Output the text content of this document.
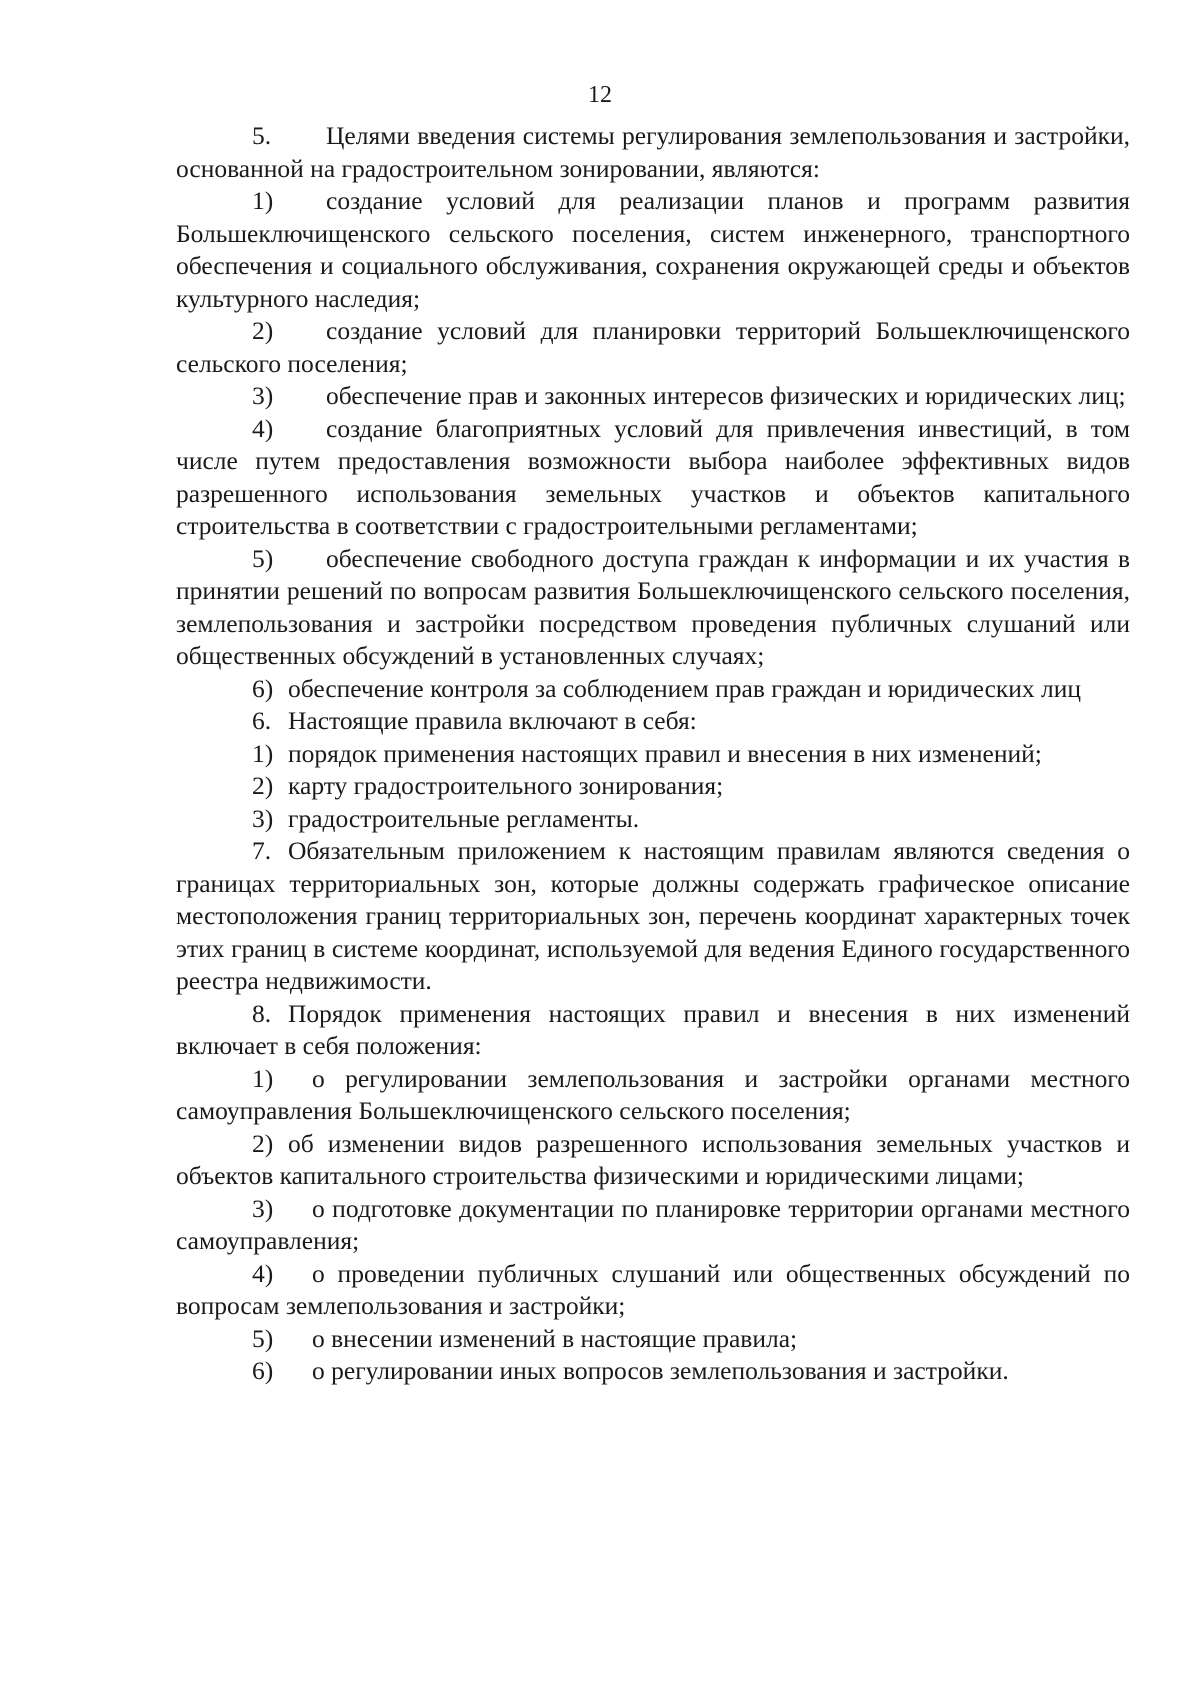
12

5. Целями введения системы регулирования землепользования и застройки, основанной на градостроительном зонировании, являются:

1) создание условий для реализации планов и программ развития Большеключищенского сельского поселения, систем инженерного, транспортного обеспечения и социального обслуживания, сохранения окружающей среды и объектов культурного наследия;

2) создание условий для планировки территорий Большеключищенского сельского поселения;

3) обеспечение прав и законных интересов физических и юридических лиц;

4) создание благоприятных условий для привлечения инвестиций, в том числе путем предоставления возможности выбора наиболее эффективных видов разрешенного использования земельных участков и объектов капитального строительства в соответствии с градостроительными регламентами;

5) обеспечение свободного доступа граждан к информации и их участия в принятии решений по вопросам развития Большеключищенского сельского поселения, землепользования и застройки посредством проведения публичных слушаний или общественных обсуждений в установленных случаях;

6) обеспечение контроля за соблюдением прав граждан и юридических лиц

6. Настоящие правила включают в себя:

1) порядок применения настоящих правил и внесения в них изменений;

2) карту градостроительного зонирования;

3) градостроительные регламенты.

7. Обязательным приложением к настоящим правилам являются сведения о границах территориальных зон, которые должны содержать графическое описание местоположения границ территориальных зон, перечень координат характерных точек этих границ в системе координат, используемой для ведения Единого государственного реестра недвижимости.

8. Порядок применения настоящих правил и внесения в них изменений включает в себя положения:

1) о регулировании землепользования и застройки органами местного самоуправления Большеключищенского сельского поселения;

2) об изменении видов разрешенного использования земельных участков и объектов капитального строительства физическими и юридическими лицами;

3) о подготовке документации по планировке территории органами местного самоуправления;

4) о проведении публичных слушаний или общественных обсуждений по вопросам землепользования и застройки;

5) о внесении изменений в настоящие правила;

6) о регулировании иных вопросов землепользования и застройки.
